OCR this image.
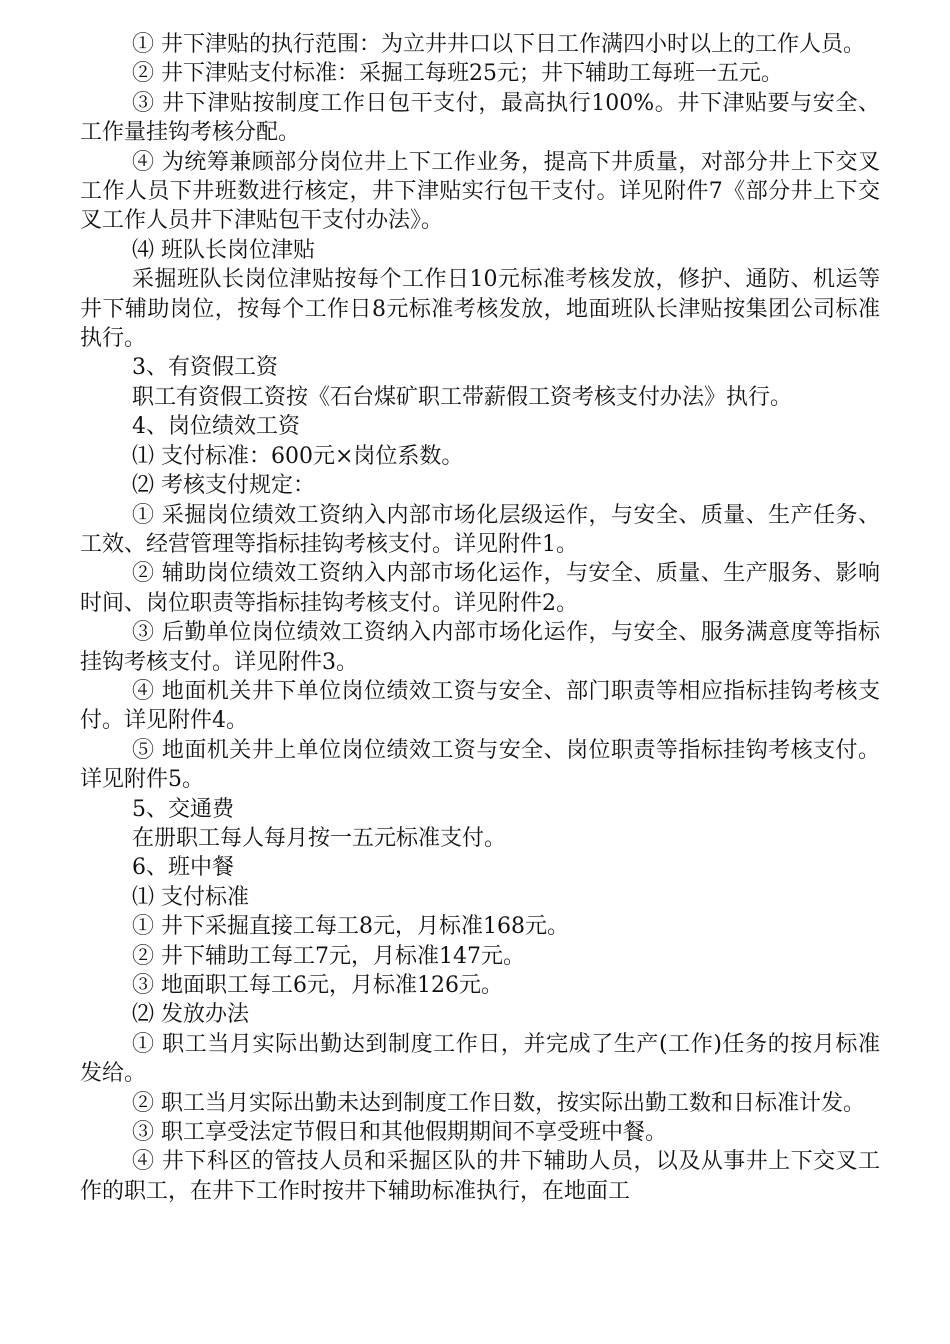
① 井下津贴的执行范围：为立井井口以下日工作满四小时以上的工作人员。

② 井下津贴支付标准：采掘工每班25元；井下辅助工每班一五元。

③ 井下津贴按制度工作日包干支付，最高执行100%。井下津贴要与安全、工作量挂钩考核分配。

④ 为统筹兼顾部分岗位井上下工作业务，提高下井质量，对部分井上下交叉工作人员下井班数进行核定，井下津贴实行包干支付。详见附件7《部分井上下交叉工作人员井下津贴包干支付办法》。

⑷ 班队长岗位津贴

采掘班队长岗位津贴按每个工作日10元标准考核发放，修护、通防、机运等井下辅助岗位，按每个工作日8元标准考核发放，地面班队长津贴按集团公司标准执行。

3、有资假工资

职工有资假工资按《石台煤矿职工带薪假工资考核支付办法》执行。

4、岗位绩效工资

⑴ 支付标准：600元×岗位系数。

⑵ 考核支付规定：

① 采掘岗位绩效工资纳入内部市场化层级运作，与安全、质量、生产任务、工效、经营管理等指标挂钩考核支付。详见附件1。

② 辅助岗位绩效工资纳入内部市场化运作，与安全、质量、生产服务、影响时间、岗位职责等指标挂钩考核支付。详见附件2。

③ 后勤单位岗位绩效工资纳入内部市场化运作，与安全、服务满意度等指标挂钩考核支付。详见附件3。

④ 地面机关井下单位岗位绩效工资与安全、部门职责等相应指标挂钩考核支付。详见附件4。

⑤ 地面机关井上单位岗位绩效工资与安全、岗位职责等指标挂钩考核支付。详见附件5。

5、交通费

在册职工每人每月按一五元标准支付。

6、班中餐

⑴ 支付标准

① 井下采掘直接工每工8元，月标准168元。

② 井下辅助工每工7元，月标准147元。

③ 地面职工每工6元，月标准126元。

⑵ 发放办法

① 职工当月实际出勤达到制度工作日，并完成了生产(工作)任务的按月标准发给。

② 职工当月实际出勤未达到制度工作日数，按实际出勤工数和日标准计发。

③ 职工享受法定节假日和其他假期期间不享受班中餐。

④ 井下科区的管技人员和采掘区队的井下辅助人员，以及从事井上下交叉工作的职工，在井下工作时按井下辅助标准执行，在地面工
